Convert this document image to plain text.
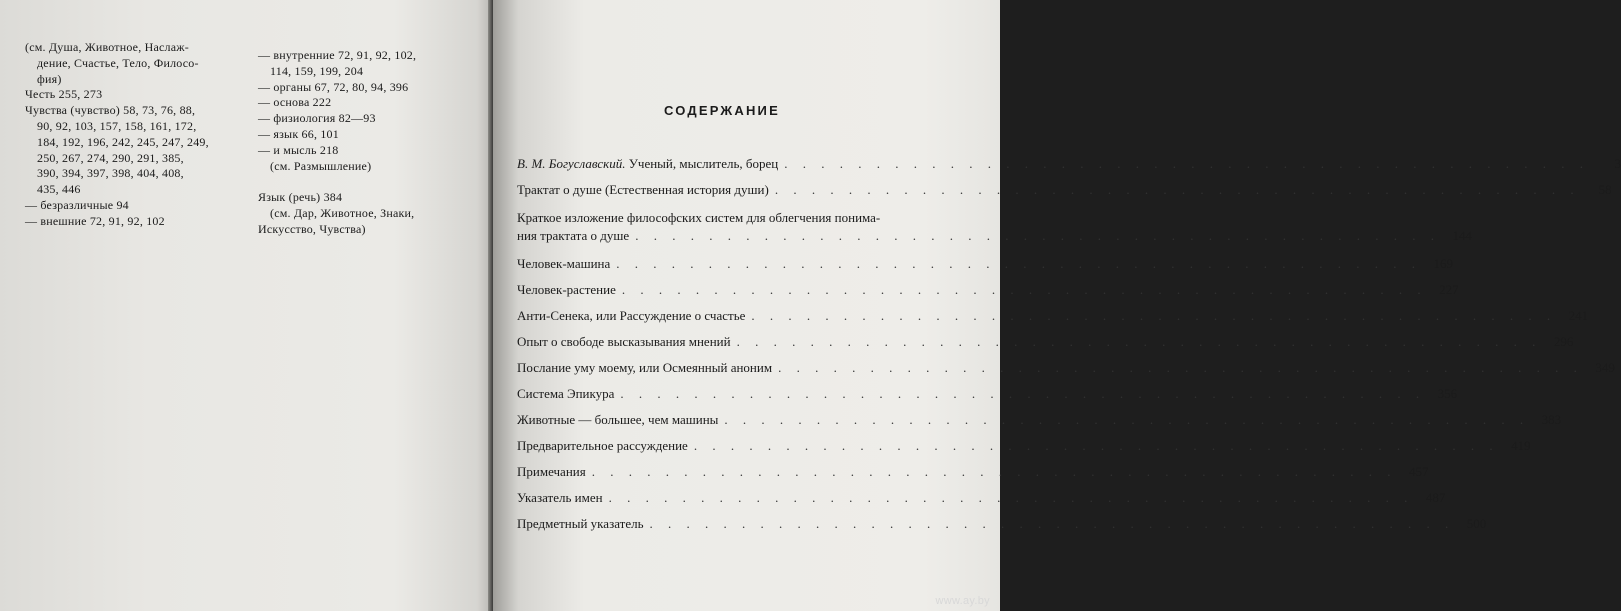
(см. Душа, Животное, Наслаж-
дение, Счастье, Тело, Филосо-
фия)
Честь 255, 273
Чувства (чувство) 58, 73, 76, 88,
90, 92, 103, 157, 158, 161, 172,
184, 192, 196, 242, 245, 247, 249,
250, 267, 274, 290, 291, 385,
390, 394, 397, 398, 404, 408,
435, 446
— безразличные 94
— внешние 72, 91, 92, 102
— внутренние 72, 91, 92, 102,
114, 159, 199, 204
— органы 67, 72, 80, 94, 396
— основа 222
— физиология 82—93
— язык 66, 101
— и мысль 218
(см. Размышление)
Язык (речь) 384
(см. Дар, Животное, Знаки,
Искусство, Чувства)
СОДЕРЖАНИЕ
В. М. Богуславский. Ученый, мыслитель, борец . . . . . . . . . . . . . . . . . . . . . . . . . . . . . . . . . . . . . . . . . . . .	3
Трактат о душе (Естественная история души) . . . . . . . . . . . . . . . . . . . . . . . . . . . . . . . . . . . . . . . . . . . .	58
Краткое изложение философских систем для облегчения понима-
ния трактата о душе . . . . . . . . . . . . . . . . . . . . . . . . . . . . . . . . . . . . . . . . . . . . 144
Человек-машина . . . . . . . . . . . . . . . . . . . . . . . . . . . . . . . . . . . . . . . . . . . . 169
Человек-растение . . . . . . . . . . . . . . . . . . . . . . . . . . . . . . . . . . . . . . . . . . . . 227
Анти-Сенека, или Рассуждение о счастье . . . . . . . . . . . . . . . . . . . . . . . . . . . . . . . . . . . . . . . . . . . . 241
Опыт о свободе высказывания мнений . . . . . . . . . . . . . . . . . . . . . . . . . . . . . . . . . . . . . . . . . . . . 296
Послание уму моему, или Осмеянный аноним . . . . . . . . . . . . . . . . . . . . . . . . . . . . . . . . . . . . . . . . . . . . 349
Система Эпикура . . . . . . . . . . . . . . . . . . . . . . . . . . . . . . . . . . . . . . . . . . . . 356
Животные — большее, чем машины . . . . . . . . . . . . . . . . . . . . . . . . . . . . . . . . . . . . . . . . . . . . 383
Предварительное рассуждение . . . . . . . . . . . . . . . . . . . . . . . . . . . . . . . . . . . . . . . . . . . . 419
Примечания . . . . . . . . . . . . . . . . . . . . . . . . . . . . . . . . . . . . . . . . . . . . 457
Указатель имен . . . . . . . . . . . . . . . . . . . . . . . . . . . . . . . . . . . . . . . . . . . . 487
Предметный указатель . . . . . . . . . . . . . . . . . . . . . . . . . . . . . . . . . . . . . . . . . . . . 500
www.ay.by
